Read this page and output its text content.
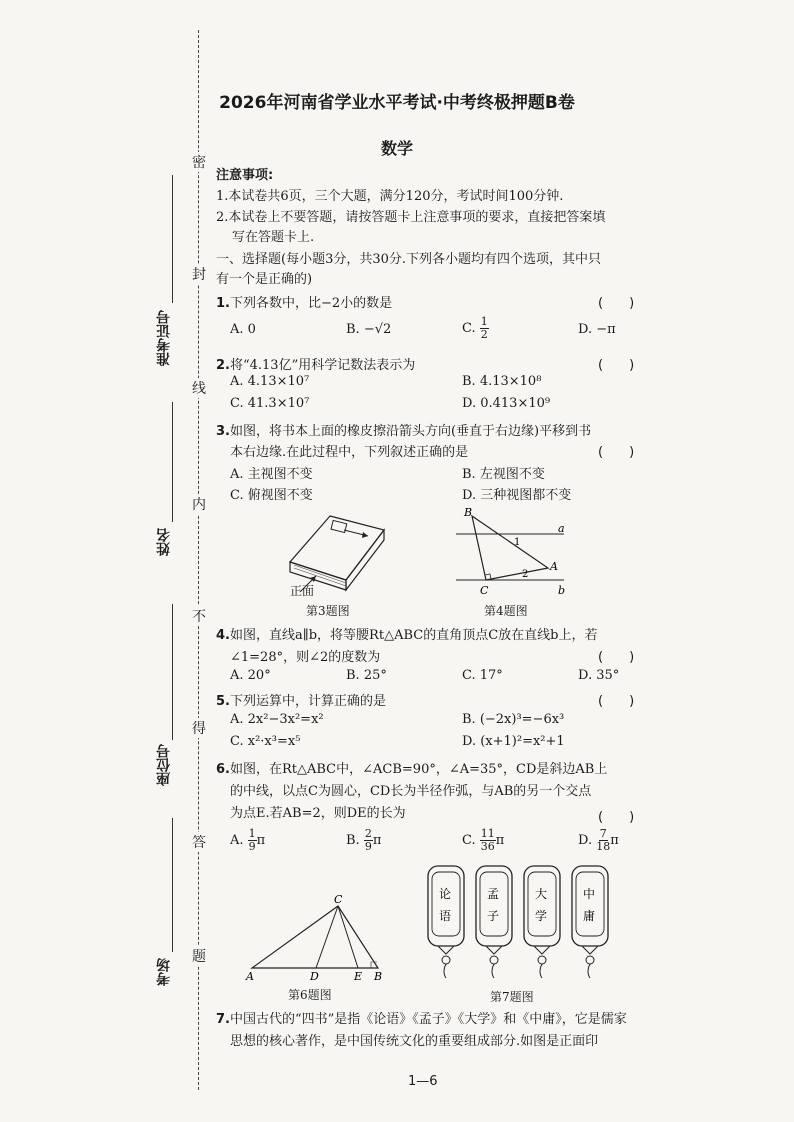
密
封
线
内
不
得
答
题
准考证号
姓名
座位号
考场
2026年河南省学业水平考试·中考终极押题B卷
数学
注意事项:
1.本试卷共6页，三个大题，满分120分，考试时间100分钟.
2.本试卷上不要答题，请按答题卡上注意事项的要求，直接把答案填
写在答题卡上.
一、选择题(每小题3分，共30分.下列各小题均有四个选项，其中只
有一个是正确的)
1.下列各数中，比−2小的数是	(　　)
A. 0	B. −√2	C. $\frac{1}{2}$	D. −π
2.将“4.13亿”用科学记数法表示为	(　　)
A. 4.13×10⁷	B. 4.13×10⁸
C. 41.3×10⁷	D. 0.413×10⁹
3.如图，将书本上面的橡皮擦沿箭头方向(垂直于右边缘)平移到书
本右边缘.在此过程中，下列叙述正确的是	(　　)
A. 主视图不变	B. 左视图不变
C. 俯视图不变	D. 三种视图都不变
正面
第3题图
B
a
1
A
2
C	b
第4题图
4.如图，直线a∥b，将等腰Rt△ABC的直角顶点C放在直线b上，若
∠1=28°，则∠2的度数为	(　　)
A. 20°	B. 25°	C. 17°	D. 35°
5.下列运算中，计算正确的是	(　　)
A. 2x²−3x²=x²	B. (−2x)³=−6x³
C. x²·x³=x⁵	D. (x+1)²=x²+1
6.如图，在Rt△ABC中，∠ACB=90°，∠A=35°，CD是斜边AB上
的中线，以点C为圆心，CD长为半径作弧，与AB的另一个交点
为点E.若AB=2，则DE的长为	(　　)
A. $\frac{1}{9}$ π	B. $\frac{2}{9}$ π	C. $\frac{11}{36}$ π	D. $\frac{7}{18}$ π
C
A	D	E B
第6题图
论
语
孟
子
大
学
中
庸
第7题图
7.中国古代的“四书”是指《论语》《孟子》《大学》和《中庸》，它是儒家
思想的核心著作，是中国传统文化的重要组成部分.如图是正面印
1—6
